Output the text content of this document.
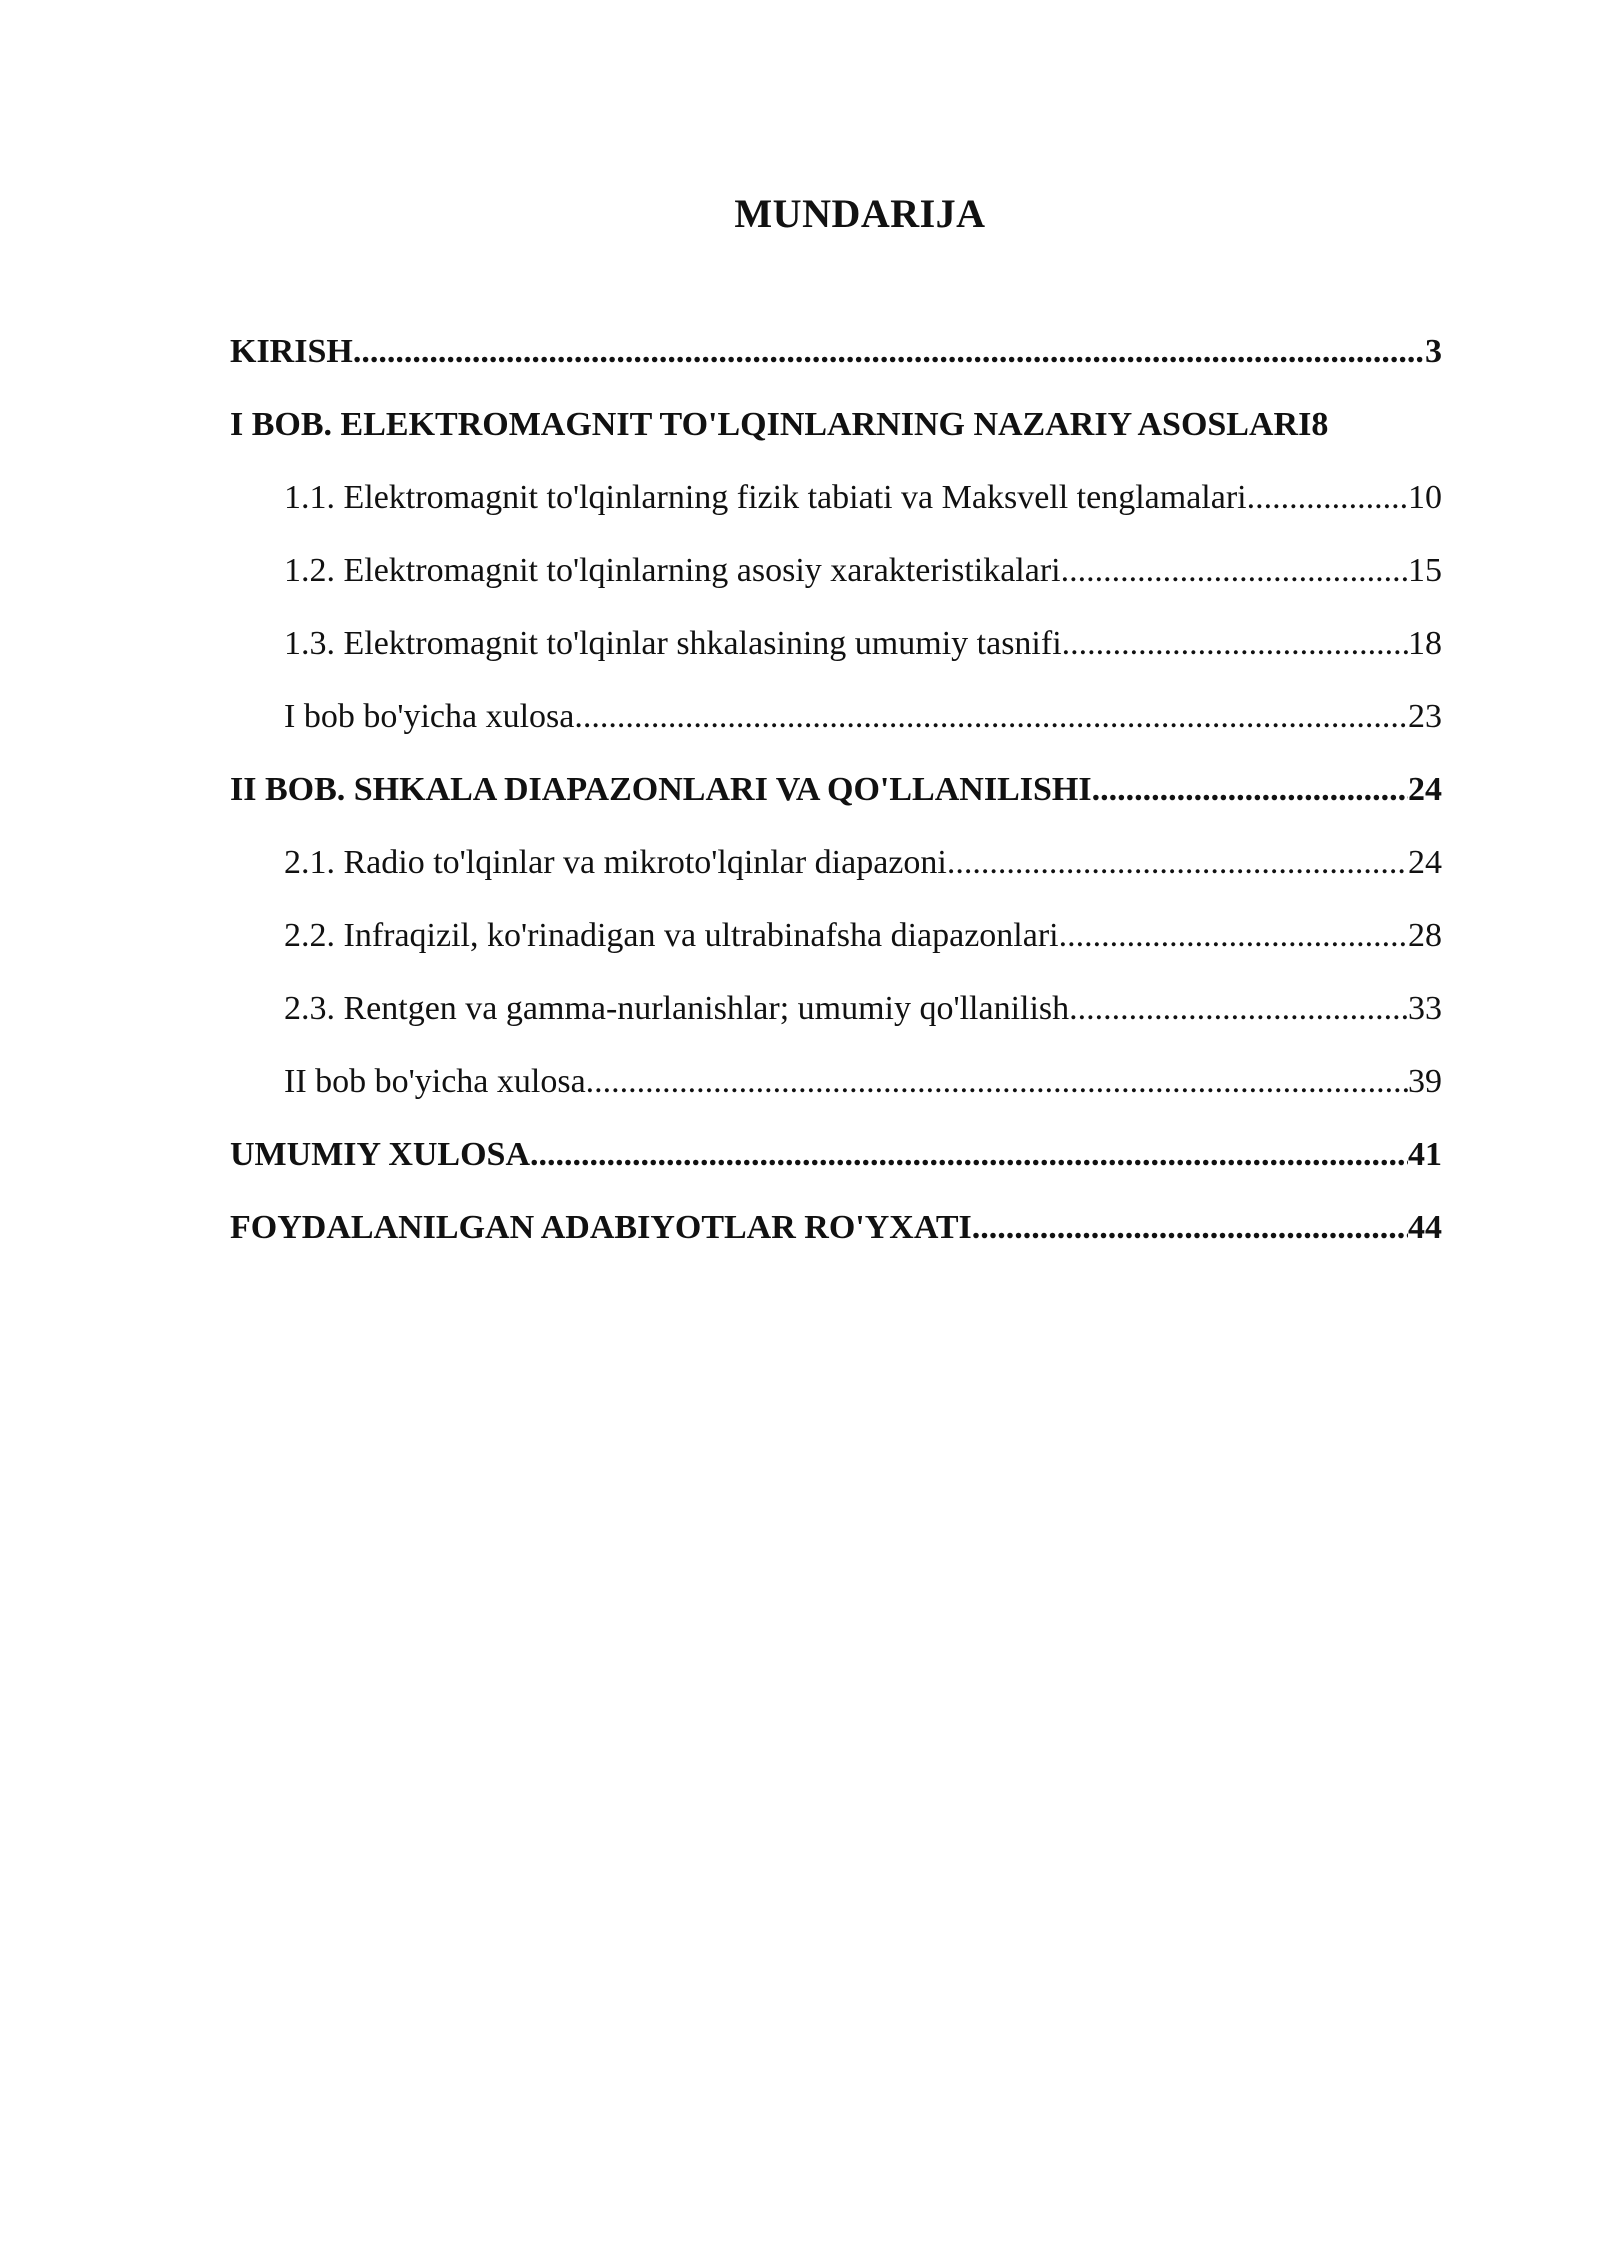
MUNDARIJA
KIRISH .....	3
I BOB. ELEKTROMAGNIT TO'LQINLARNING NAZARIY ASOSLARI 8
1.1. Elektromagnit to'lqinlarning fizik tabiati va Maksvell tenglamalari .....	10
1.2. Elektromagnit to'lqinlarning asosiy xarakteristikalari .....	15
1.3. Elektromagnit to'lqinlar shkalasining umumiy tasnifi .....	18
I bob bo'yicha xulosa .....	23
II BOB. SHKALA DIAPAZONLARI VA QO'LLANILISHI .....	24
2.1. Radio to'lqinlar va mikroto'lqinlar diapazoni .....	24
2.2. Infraqizil, ko'rinadigan va ultrabinafsha diapazonlari .....	28
2.3. Rentgen va gamma-nurlanishlar; umumiy qo'llanilish .....	33
II bob bo'yicha xulosa .....	39
UMUMIY XULOSA .....	41
FOYDALANILGAN ADABIYOTLAR RO'YXATI .....	44
